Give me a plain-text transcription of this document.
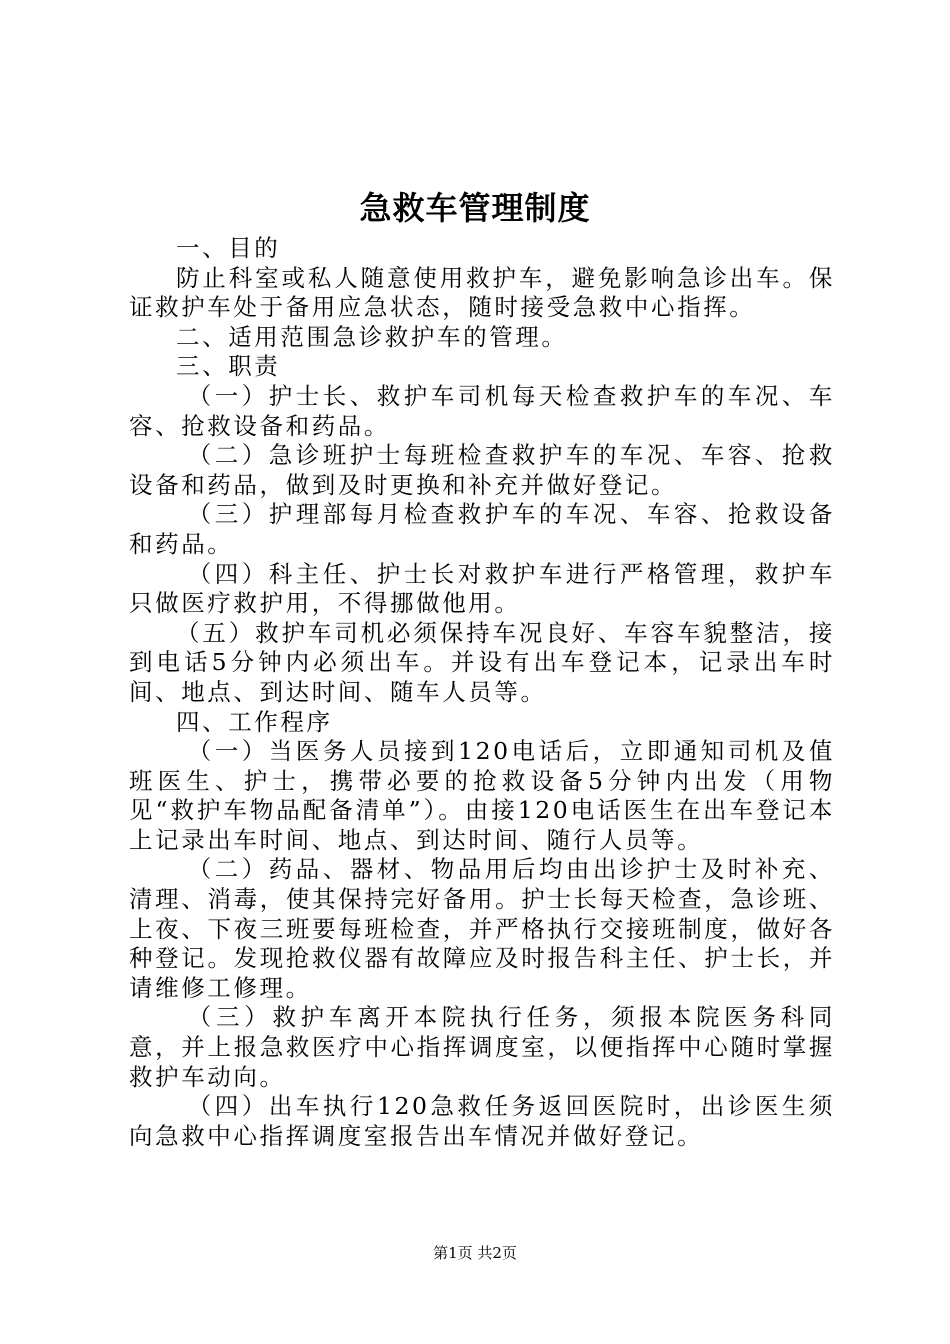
急救车管理制度

一、目的

防止科室或私人随意使用救护车，避免影响急诊出车。保证救护车处于备用应急状态，随时接受急救中心指挥。

二、适用范围急诊救护车的管理。

三、职责

（一）护士长、救护车司机每天检查救护车的车况、车容、抢救设备和药品。

（二）急诊班护士每班检查救护车的车况、车容、抢救设备和药品，做到及时更换和补充并做好登记。

（三）护理部每月检查救护车的车况、车容、抢救设备和药品。

（四）科主任、护士长对救护车进行严格管理，救护车只做医疗救护用，不得挪做他用。

（五）救护车司机必须保持车况良好、车容车貌整洁，接到电话5分钟内必须出车。并设有出车登记本，记录出车时间、地点、到达时间、随车人员等。

四、工作程序

（一）当医务人员接到120电话后，立即通知司机及值班医生、护士，携带必要的抢救设备5分钟内出发（用物见“救护车物品配备清单”）。由接120电话医生在出车登记本上记录出车时间、地点、到达时间、随行人员等。

（二）药品、器材、物品用后均由出诊护士及时补充、清理、消毒，使其保持完好备用。护士长每天检查，急诊班、上夜、下夜三班要每班检查，并严格执行交接班制度，做好各种登记。发现抢救仪器有故障应及时报告科主任、护士长，并请维修工修理。

（三）救护车离开本院执行任务，须报本院医务科同意，并上报急救医疗中心指挥调度室，以便指挥中心随时掌握救护车动向。

（四）出车执行120急救任务返回医院时，出诊医生须向急救中心指挥调度室报告出车情况并做好登记。

第1页 共2页
